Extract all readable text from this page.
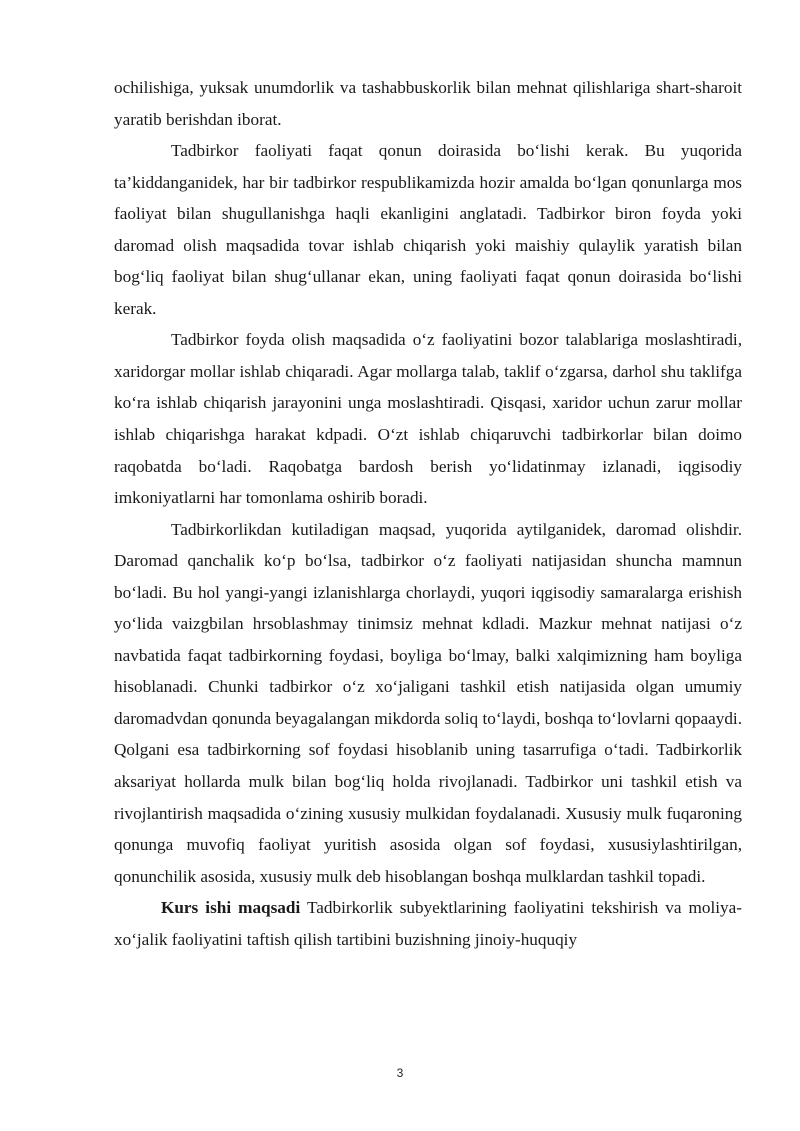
ochilishiga, yuksak unumdorlik va tashabbuskorlik bilan mehnat qilishlariga shart-sharoit yaratib berishdan iborat.

Tadbirkor faoliyati faqat qonun doirasida bo‘lishi kerak. Bu yuqorida ta’kiddanganidek, har bir tadbirkor respublikamizda hozir amalda bo‘lgan qonunlarga mos faoliyat bilan shugullanishga haqli ekanligini anglatadi. Tadbirkor biron foyda yoki daromad olish maqsadida tovar ishlab chiqarish yoki maishiy qulaylik yaratish bilan bog‘liq faoliyat bilan shug‘ullanar ekan, uning faoliyati faqat qonun doirasida bo‘lishi kerak.

Tadbirkor foyda olish maqsadida o‘z faoliyatini bozor talablariga moslashtiradi, xaridorgar mollar ishlab chiqaradi. Agar mollarga talab, taklif o‘zgarsa, darhol shu taklifga ko‘ra ishlab chiqarish jarayonini unga moslashtiradi. Qisqasi, xaridor uchun zarur mollar ishlab chiqarishga harakat kdpadi. O‘zt ishlab chiqaruvchi tadbirkorlar bilan doimo raqobatda bo‘ladi. Raqobatga bardosh berish yo‘lidatinmay izlanadi, iqgisodiy imkoniyatlarni har tomonlama oshirib boradi.

Tadbirkorlikdan kutiladigan maqsad, yuqorida aytilganidek, daromad olishdir. Daromad qanchalik ko‘p bo‘lsa, tadbirkor o‘z faoliyati natijasidan shuncha mamnun bo‘ladi. Bu hol yangi-yangi izlanishlarga chorlaydi, yuqori iqgisodiy samaralarga erishish yo‘lida vaizgbilan hrsoblashmay tinimsiz mehnat kdladi. Mazkur mehnat natijasi o‘z navbatida faqat tadbirkorning foydasi, boyliga bo‘lmay, balki xalqimizning ham boyliga hisoblanadi. Chunki tadbirkor o‘z xo‘jaligani tashkil etish natijasida olgan umumiy daromadvdan qonunda beyagalangan mikdorda soliq to‘laydi, boshqa to‘lovlarni qopaaydi. Qolgani esa tadbirkorning sof foydasi hisoblanib uning tasarrufiga o‘tadi. Tadbirkorlik aksariyat hollarda mulk bilan bog‘liq holda rivojlanadi. Tadbirkor uni tashkil etish va rivojlantirish maqsadida o‘zining xususiy mulkidan foydalanadi. Xususiy mulk fuqaroning qonunga muvofiq faoliyat yuritish asosida olgan sof foydasi, xususiylashtirilgan, qonunchilik asosida, xususiy mulk deb hisoblangan boshqa mulklardan tashkil topadi.

Kurs ishi maqsadi Tadbirkorlik subyektlarining faoliyatini tekshirish va moliya-xo‘jalik faoliyatini taftish qilish tartibini buzishning jinoiy-huquqiy

3
